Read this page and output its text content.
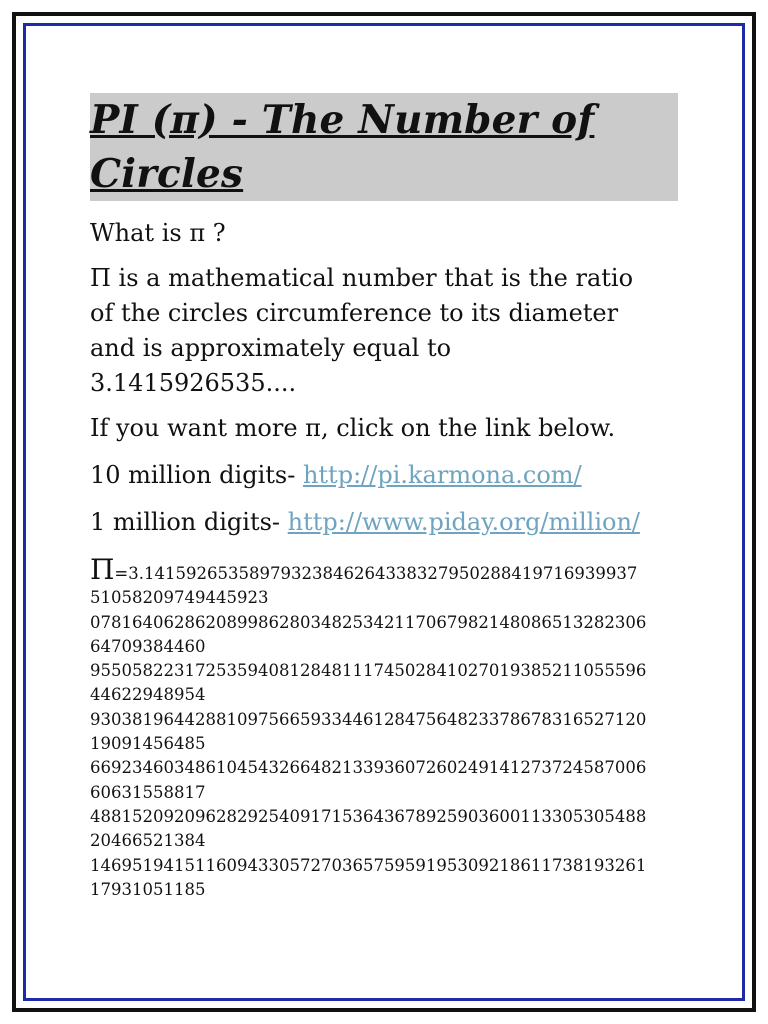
PI (π) - The Number of Circles

What is π ?

Π is a mathematical number that is the ratio
of the circles circumference to its diameter
and is approximately equal to
3.1415926535....

If you want more π, click on the link below.

10 million digits- http://pi.karmona.com/

1 million digits- http://www.piday.org/million/

Π=3.14159265358979323846264338327950288419716939937
51058209749445923
07816406286208998628034825342117067982148086513282306
64709384460
95505822317253594081284811174502841027019385211055596
44622948954
93038196442881097566593344612847564823378678316527120
19091456485
66923460348610454326648213393607260249141273724587006
60631558817
48815209209628292540917153643678925903600113305305488
20466521384
14695194151160943305727036575959195309218611738193261
17931051185
